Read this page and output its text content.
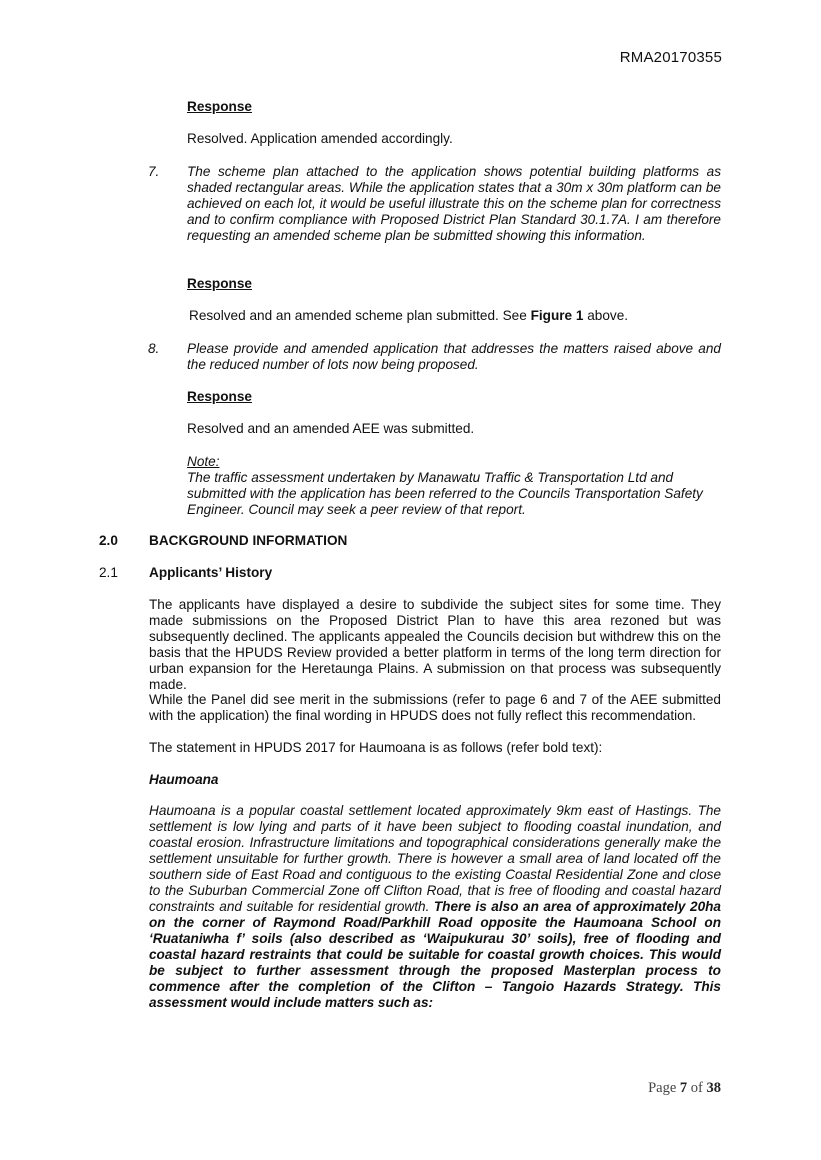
RMA20170355
Response
Resolved. Application amended accordingly.
7. The scheme plan attached to the application shows potential building platforms as shaded rectangular areas. While the application states that a 30m x 30m platform can be achieved on each lot, it would be useful illustrate this on the scheme plan for correctness and to confirm compliance with Proposed District Plan Standard 30.1.7A. I am therefore requesting an amended scheme plan be submitted showing this information.
Response
Resolved and an amended scheme plan submitted. See Figure 1 above.
8. Please provide and amended application that addresses the matters raised above and the reduced number of lots now being proposed.
Response
Resolved and an amended AEE was submitted.
Note:
The traffic assessment undertaken by Manawatu Traffic & Transportation Ltd and submitted with the application has been referred to the Councils Transportation Safety Engineer. Council may seek a peer review of that report.
2.0 BACKGROUND INFORMATION
2.1 Applicants’ History
The applicants have displayed a desire to subdivide the subject sites for some time. They made submissions on the Proposed District Plan to have this area rezoned but was subsequently declined. The applicants appealed the Councils decision but withdrew this on the basis that the HPUDS Review provided a better platform in terms of the long term direction for urban expansion for the Heretaunga Plains. A submission on that process was subsequently made.
While the Panel did see merit in the submissions (refer to page 6 and 7 of the AEE submitted with the application) the final wording in HPUDS does not fully reflect this recommendation.
The statement in HPUDS 2017 for Haumoana is as follows (refer bold text):
Haumoana
Haumoana is a popular coastal settlement located approximately 9km east of Hastings. The settlement is low lying and parts of it have been subject to flooding coastal inundation, and coastal erosion. Infrastructure limitations and topographical considerations generally make the settlement unsuitable for further growth. There is however a small area of land located off the southern side of East Road and contiguous to the existing Coastal Residential Zone and close to the Suburban Commercial Zone off Clifton Road, that is free of flooding and coastal hazard constraints and suitable for residential growth. There is also an area of approximately 20ha on the corner of Raymond Road/Parkhill Road opposite the Haumoana School on ‘Ruataniwha f’ soils (also described as ‘Waipukurau 30’ soils), free of flooding and coastal hazard restraints that could be suitable for coastal growth choices. This would be subject to further assessment through the proposed Masterplan process to commence after the completion of the Clifton – Tangoio Hazards Strategy. This assessment would include matters such as:
Page 7 of 38
